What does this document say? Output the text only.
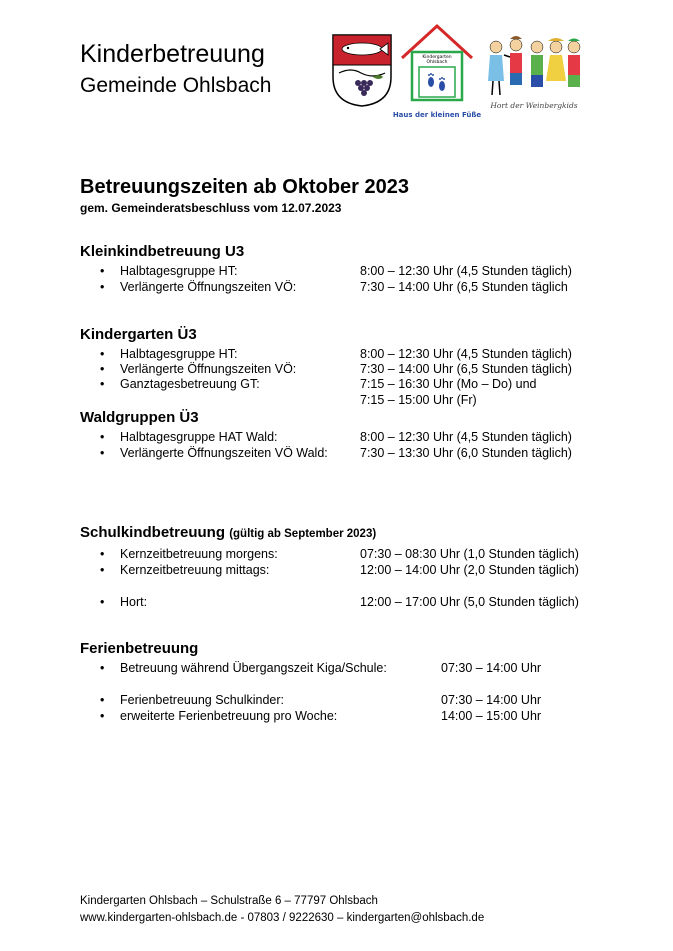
Kinderbetreuung
Gemeinde Ohlsbach
Kindergarten
Ohlsbach
Haus der kleinen Füße
Hort der Weinbergkids
Betreuungszeiten ab Oktober 2023
gem. Gemeinderatsbeschluss vom 12.07.2023
Kleinkindbetreuung U3
• Halbtagesgruppe HT:	8:00 – 12:30 Uhr (4,5 Stunden täglich)
• Verlängerte Öffnungszeiten VÖ:	7:30 – 14:00 Uhr (6,5 Stunden täglich
Kindergarten Ü3
• Halbtagesgruppe HT:	8:00 – 12:30 Uhr (4,5 Stunden täglich)
• Verlängerte Öffnungszeiten VÖ:	7:30 – 14:00 Uhr (6,5 Stunden täglich)
• Ganztagesbetreuung GT:	7:15 – 16:30 Uhr (Mo – Do) und
7:15 – 15:00 Uhr (Fr)
Waldgruppen Ü3
• Halbtagesgruppe HAT Wald:	8:00 – 12:30 Uhr (4,5 Stunden täglich)
• Verlängerte Öffnungszeiten VÖ Wald:	7:30 – 13:30 Uhr (6,0 Stunden täglich)
Schulkindbetreuung (gültig ab September 2023)
• Kernzeitbetreuung morgens:	07:30 – 08:30 Uhr (1,0 Stunden täglich)
• Kernzeitbetreuung mittags:	12:00 – 14:00 Uhr (2,0 Stunden täglich)
• Hort:	12:00 – 17:00 Uhr (5,0 Stunden täglich)
Ferienbetreuung
• Betreuung während Übergangszeit Kiga/Schule:	07:30 – 14:00 Uhr
• Ferienbetreuung Schulkinder:	07:30 – 14:00 Uhr
• erweiterte Ferienbetreuung pro Woche:	14:00 – 15:00 Uhr
Kindergarten Ohlsbach – Schulstraße 6 – 77797 Ohlsbach
www.kindergarten-ohlsbach.de - 07803 / 9222630 – kindergarten@ohlsbach.de
